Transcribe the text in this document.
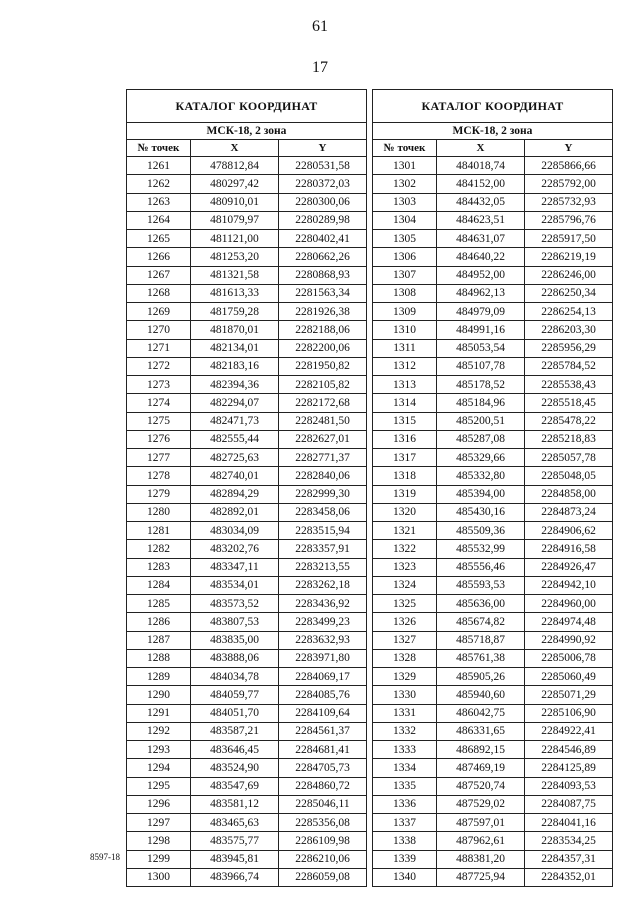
61
17
КАТАЛОГ КООРДИНАТ		
МСК-18, 2 зона		
№ точек	X	Y
1261	478812,84	2280531,58
1262	480297,42	2280372,03
1263	480910,01	2280300,06
1264	481079,97	2280289,98
1265	481121,00	2280402,41
1266	481253,20	2280662,26
1267	481321,58	2280868,93
1268	481613,33	2281563,34
1269	481759,28	2281926,38
1270	481870,01	2282188,06
1271	482134,01	2282200,06
1272	482183,16	2281950,82
1273	482394,36	2282105,82
1274	482294,07	2282172,68
1275	482471,73	2282481,50
1276	482555,44	2282627,01
1277	482725,63	2282771,37
1278	482740,01	2282840,06
1279	482894,29	2282999,30
1280	482892,01	2283458,06
1281	483034,09	2283515,94
1282	483202,76	2283357,91
1283	483347,11	2283213,55
1284	483534,01	2283262,18
1285	483573,52	2283436,92
1286	483807,53	2283499,23
1287	483835,00	2283632,93
1288	483888,06	2283971,80
1289	484034,78	2284069,17
1290	484059,77	2284085,76
1291	484051,70	2284109,64
1292	483587,21	2284561,37
1293	483646,45	2284681,41
1294	483524,90	2284705,73
1295	483547,69	2284860,72
1296	483581,12	2285046,11
1297	483465,63	2285356,08
1298	483575,77	2286109,98
1299	483945,81	2286210,06
1300	483966,74	2286059,08
КАТАЛОГ КООРДИНАТ		
МСК-18, 2 зона		
№ точек	X	Y
1301	484018,74	2285866,66
1302	484152,00	2285792,00
1303	484432,05	2285732,93
1304	484623,51	2285796,76
1305	484631,07	2285917,50
1306	484640,22	2286219,19
1307	484952,00	2286246,00
1308	484962,13	2286250,34
1309	484979,09	2286254,13
1310	484991,16	2286203,30
1311	485053,54	2285956,29
1312	485107,78	2285784,52
1313	485178,52	2285538,43
1314	485184,96	2285518,45
1315	485200,51	2285478,22
1316	485287,08	2285218,83
1317	485329,66	2285057,78
1318	485332,80	2285048,05
1319	485394,00	2284858,00
1320	485430,16	2284873,24
1321	485509,36	2284906,62
1322	485532,99	2284916,58
1323	485556,46	2284926,47
1324	485593,53	2284942,10
1325	485636,00	2284960,00
1326	485674,82	2284974,48
1327	485718,87	2284990,92
1328	485761,38	2285006,78
1329	485905,26	2285060,49
1330	485940,60	2285071,29
1331	486042,75	2285106,90
1332	486331,65	2284922,41
1333	486892,15	2284546,89
1334	487469,19	2284125,89
1335	487520,74	2284093,53
1336	487529,02	2284087,75
1337	487597,01	2284041,16
1338	487962,61	2283534,25
1339	488381,20	2284357,31
1340	487725,94	2284352,01
8597-18
